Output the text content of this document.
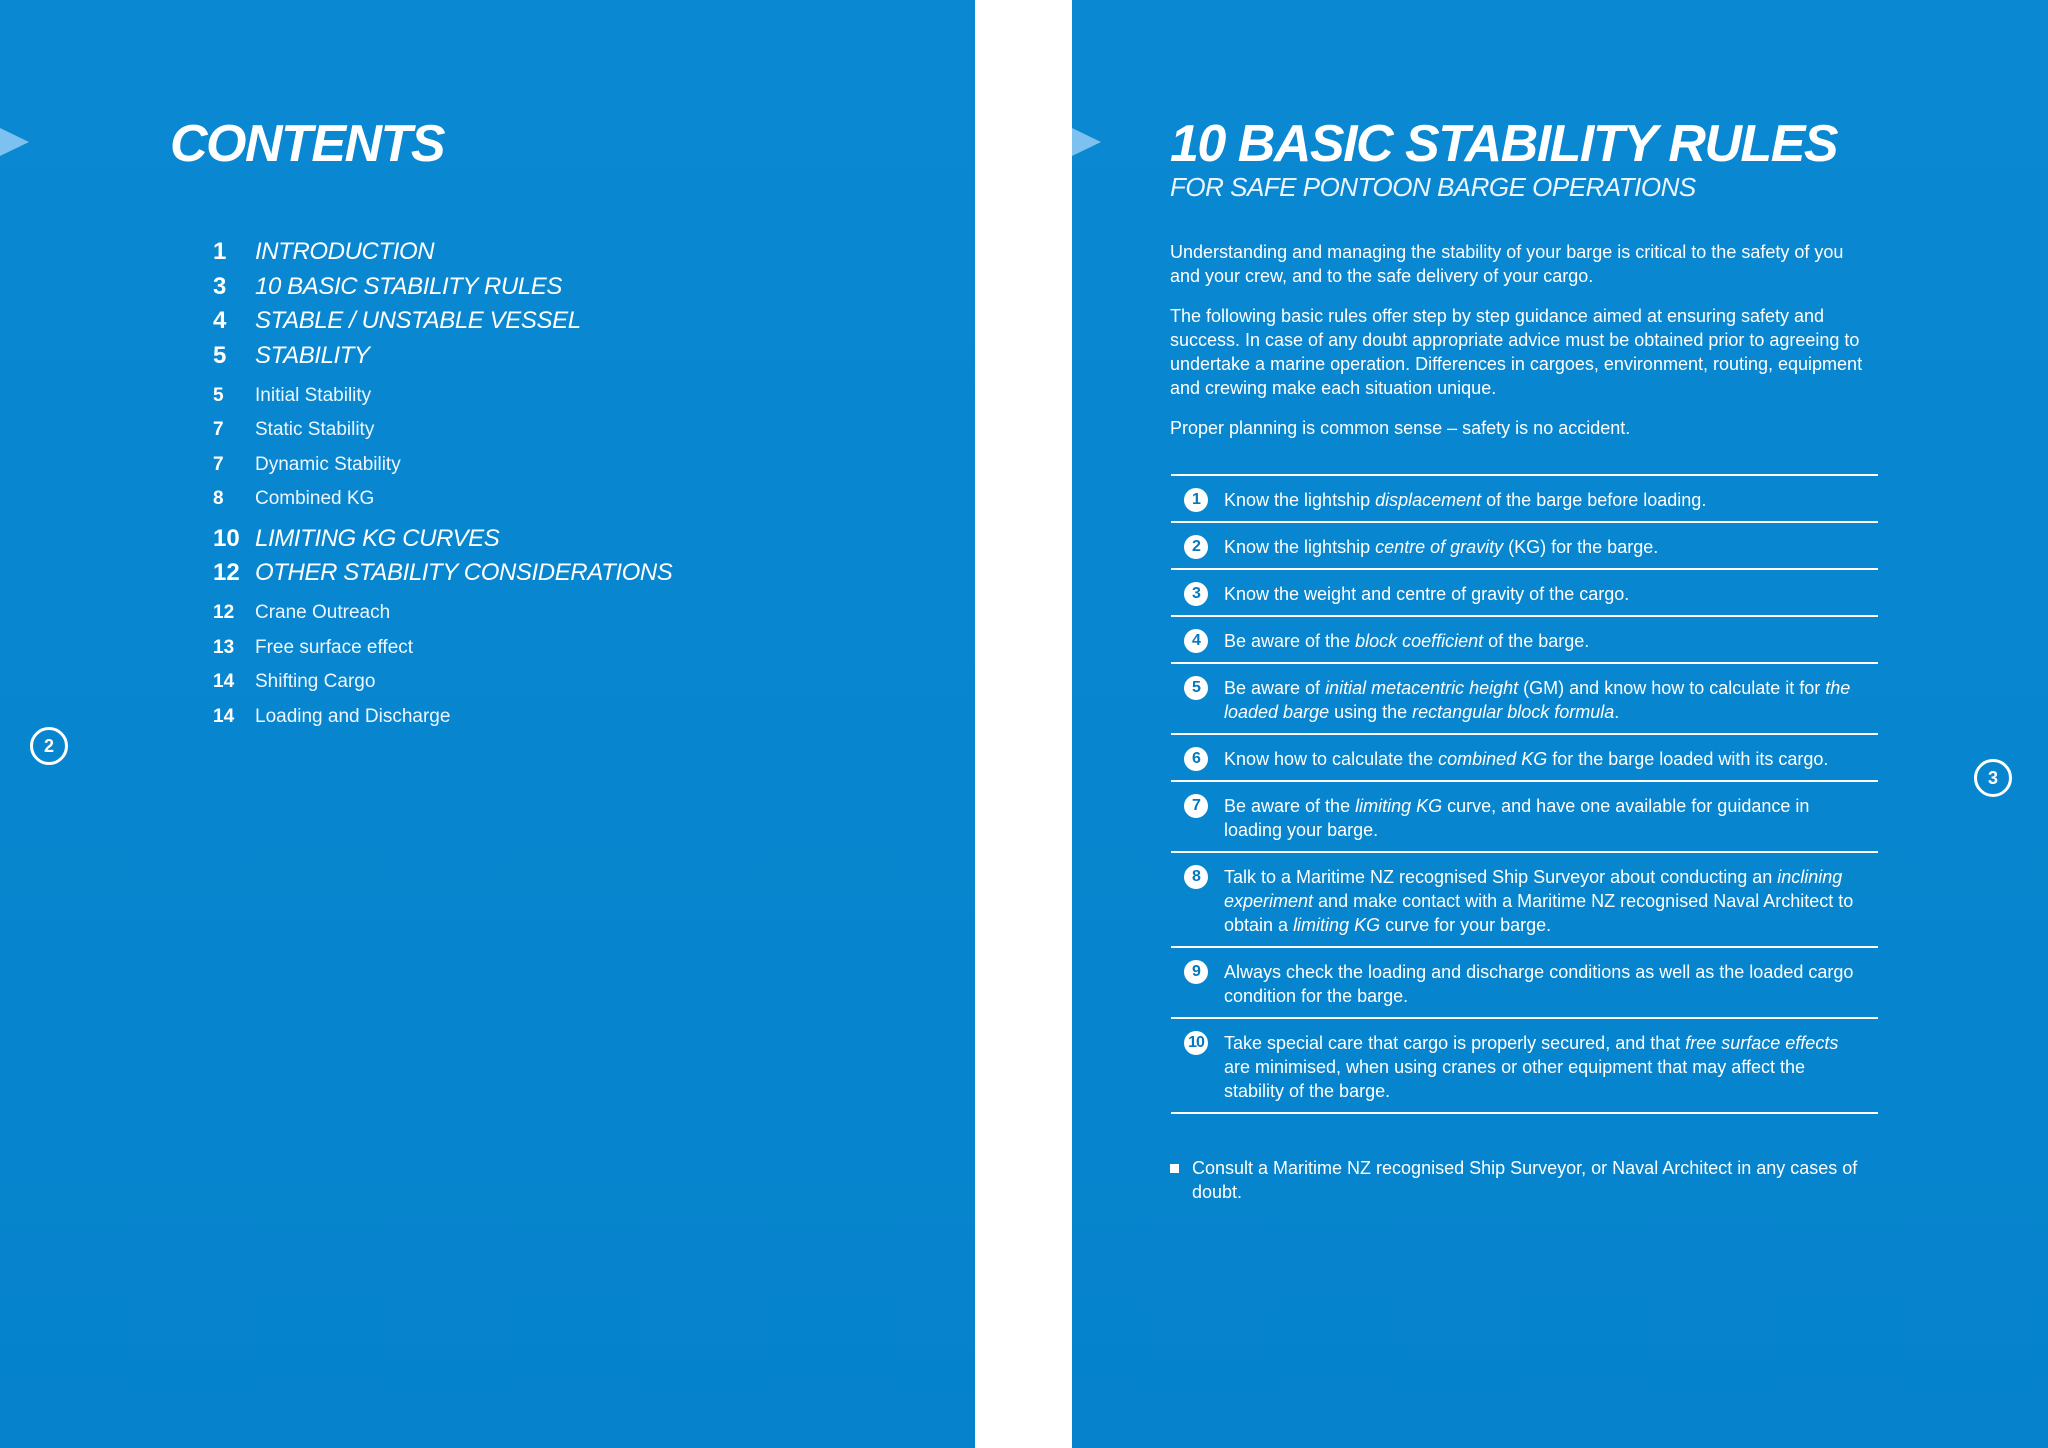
CONTENTS
1	INTRODUCTION
3	10 BASIC STABILITY RULES
4	STABLE / UNSTABLE VESSEL
5	STABILITY
5	Initial Stability
7	Static Stability
7	Dynamic Stability
8	Combined KG
10 LIMITING KG CURVES
12 OTHER STABILITY CONSIDERATIONS
12	Crane Outreach
13	Free surface effect
14	Shifting Cargo
14	Loading and Discharge
2
3
10 BASIC STABILITY RULES
FOR SAFE PONTOON BARGE OPERATIONS

Understanding and managing the stability of your barge is critical to the safety of you and your crew, and to the safe delivery of your cargo.

The following basic rules offer step by step guidance aimed at ensuring safety and success. In case of any doubt appropriate advice must be obtained prior to agreeing to undertake a marine operation. Differences in cargoes, environment, routing, equipment and crewing make each situation unique.

Proper planning is common sense – safety is no accident.

1	Know the lightship displacement of the barge before loading.
2	Know the lightship centre of gravity (KG) for the barge.
3	Know the weight and centre of gravity of the cargo.
4	Be aware of the block coefficient of the barge.
5	Be aware of initial metacentric height (GM) and know how to calculate it for the loaded barge using the rectangular block formula.
6	Know how to calculate the combined KG for the barge loaded with its cargo.
7	Be aware of the limiting KG curve, and have one available for guidance in loading your barge.
8	Talk to a Maritime NZ recognised Ship Surveyor about conducting an inclining experiment and make contact with a Maritime NZ recognised Naval Architect to obtain a limiting KG curve for your barge.
9	Always check the loading and discharge conditions as well as the loaded cargo condition for the barge.
10 Take special care that cargo is properly secured, and that free surface effects are minimised, when using cranes or other equipment that may affect the stability of the barge.
Consult a Maritime NZ recognised Ship Surveyor, or Naval Architect in any cases of doubt.
